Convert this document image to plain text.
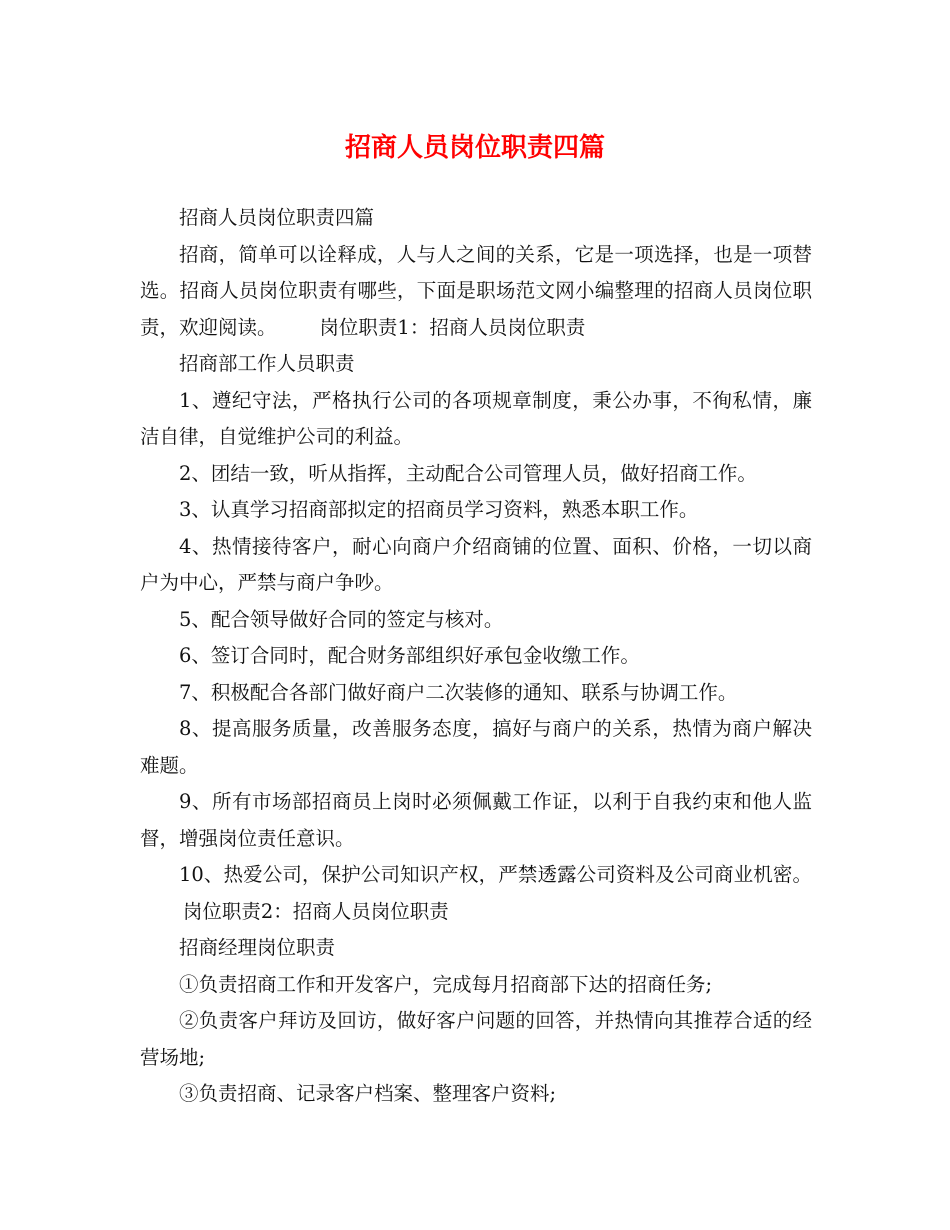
招商人员岗位职责四篇

招商人员岗位职责四篇

招商，简单可以诠释成，人与人之间的关系，它是一项选择，也是一项替选。招商人员岗位职责有哪些，下面是职场范文网小编整理的招商人员岗位职责，欢迎阅读。 岗位职责1：招商人员岗位职责

招商部工作人员职责

1、遵纪守法，严格执行公司的各项规章制度，秉公办事，不徇私情，廉洁自律，自觉维护公司的利益。

2、团结一致，听从指挥，主动配合公司管理人员，做好招商工作。

3、认真学习招商部拟定的招商员学习资料，熟悉本职工作。

4、热情接待客户，耐心向商户介绍商铺的位置、面积、价格，一切以商户为中心，严禁与商户争吵。

5、配合领导做好合同的签定与核对。

6、签订合同时，配合财务部组织好承包金收缴工作。

7、积极配合各部门做好商户二次装修的通知、联系与协调工作。

8、提高服务质量，改善服务态度，搞好与商户的关系，热情为商户解决难题。

9、所有市场部招商员上岗时必须佩戴工作证，以利于自我约束和他人监督，增强岗位责任意识。

10、热爱公司，保护公司知识产权，严禁透露公司资料及公司商业机密。岗位职责2：招商人员岗位职责

招商经理岗位职责

①负责招商工作和开发客户，完成每月招商部下达的招商任务;

②负责客户拜访及回访，做好客户问题的回答，并热情向其推荐合适的经营场地;

③负责招商、记录客户档案、整理客户资料;
